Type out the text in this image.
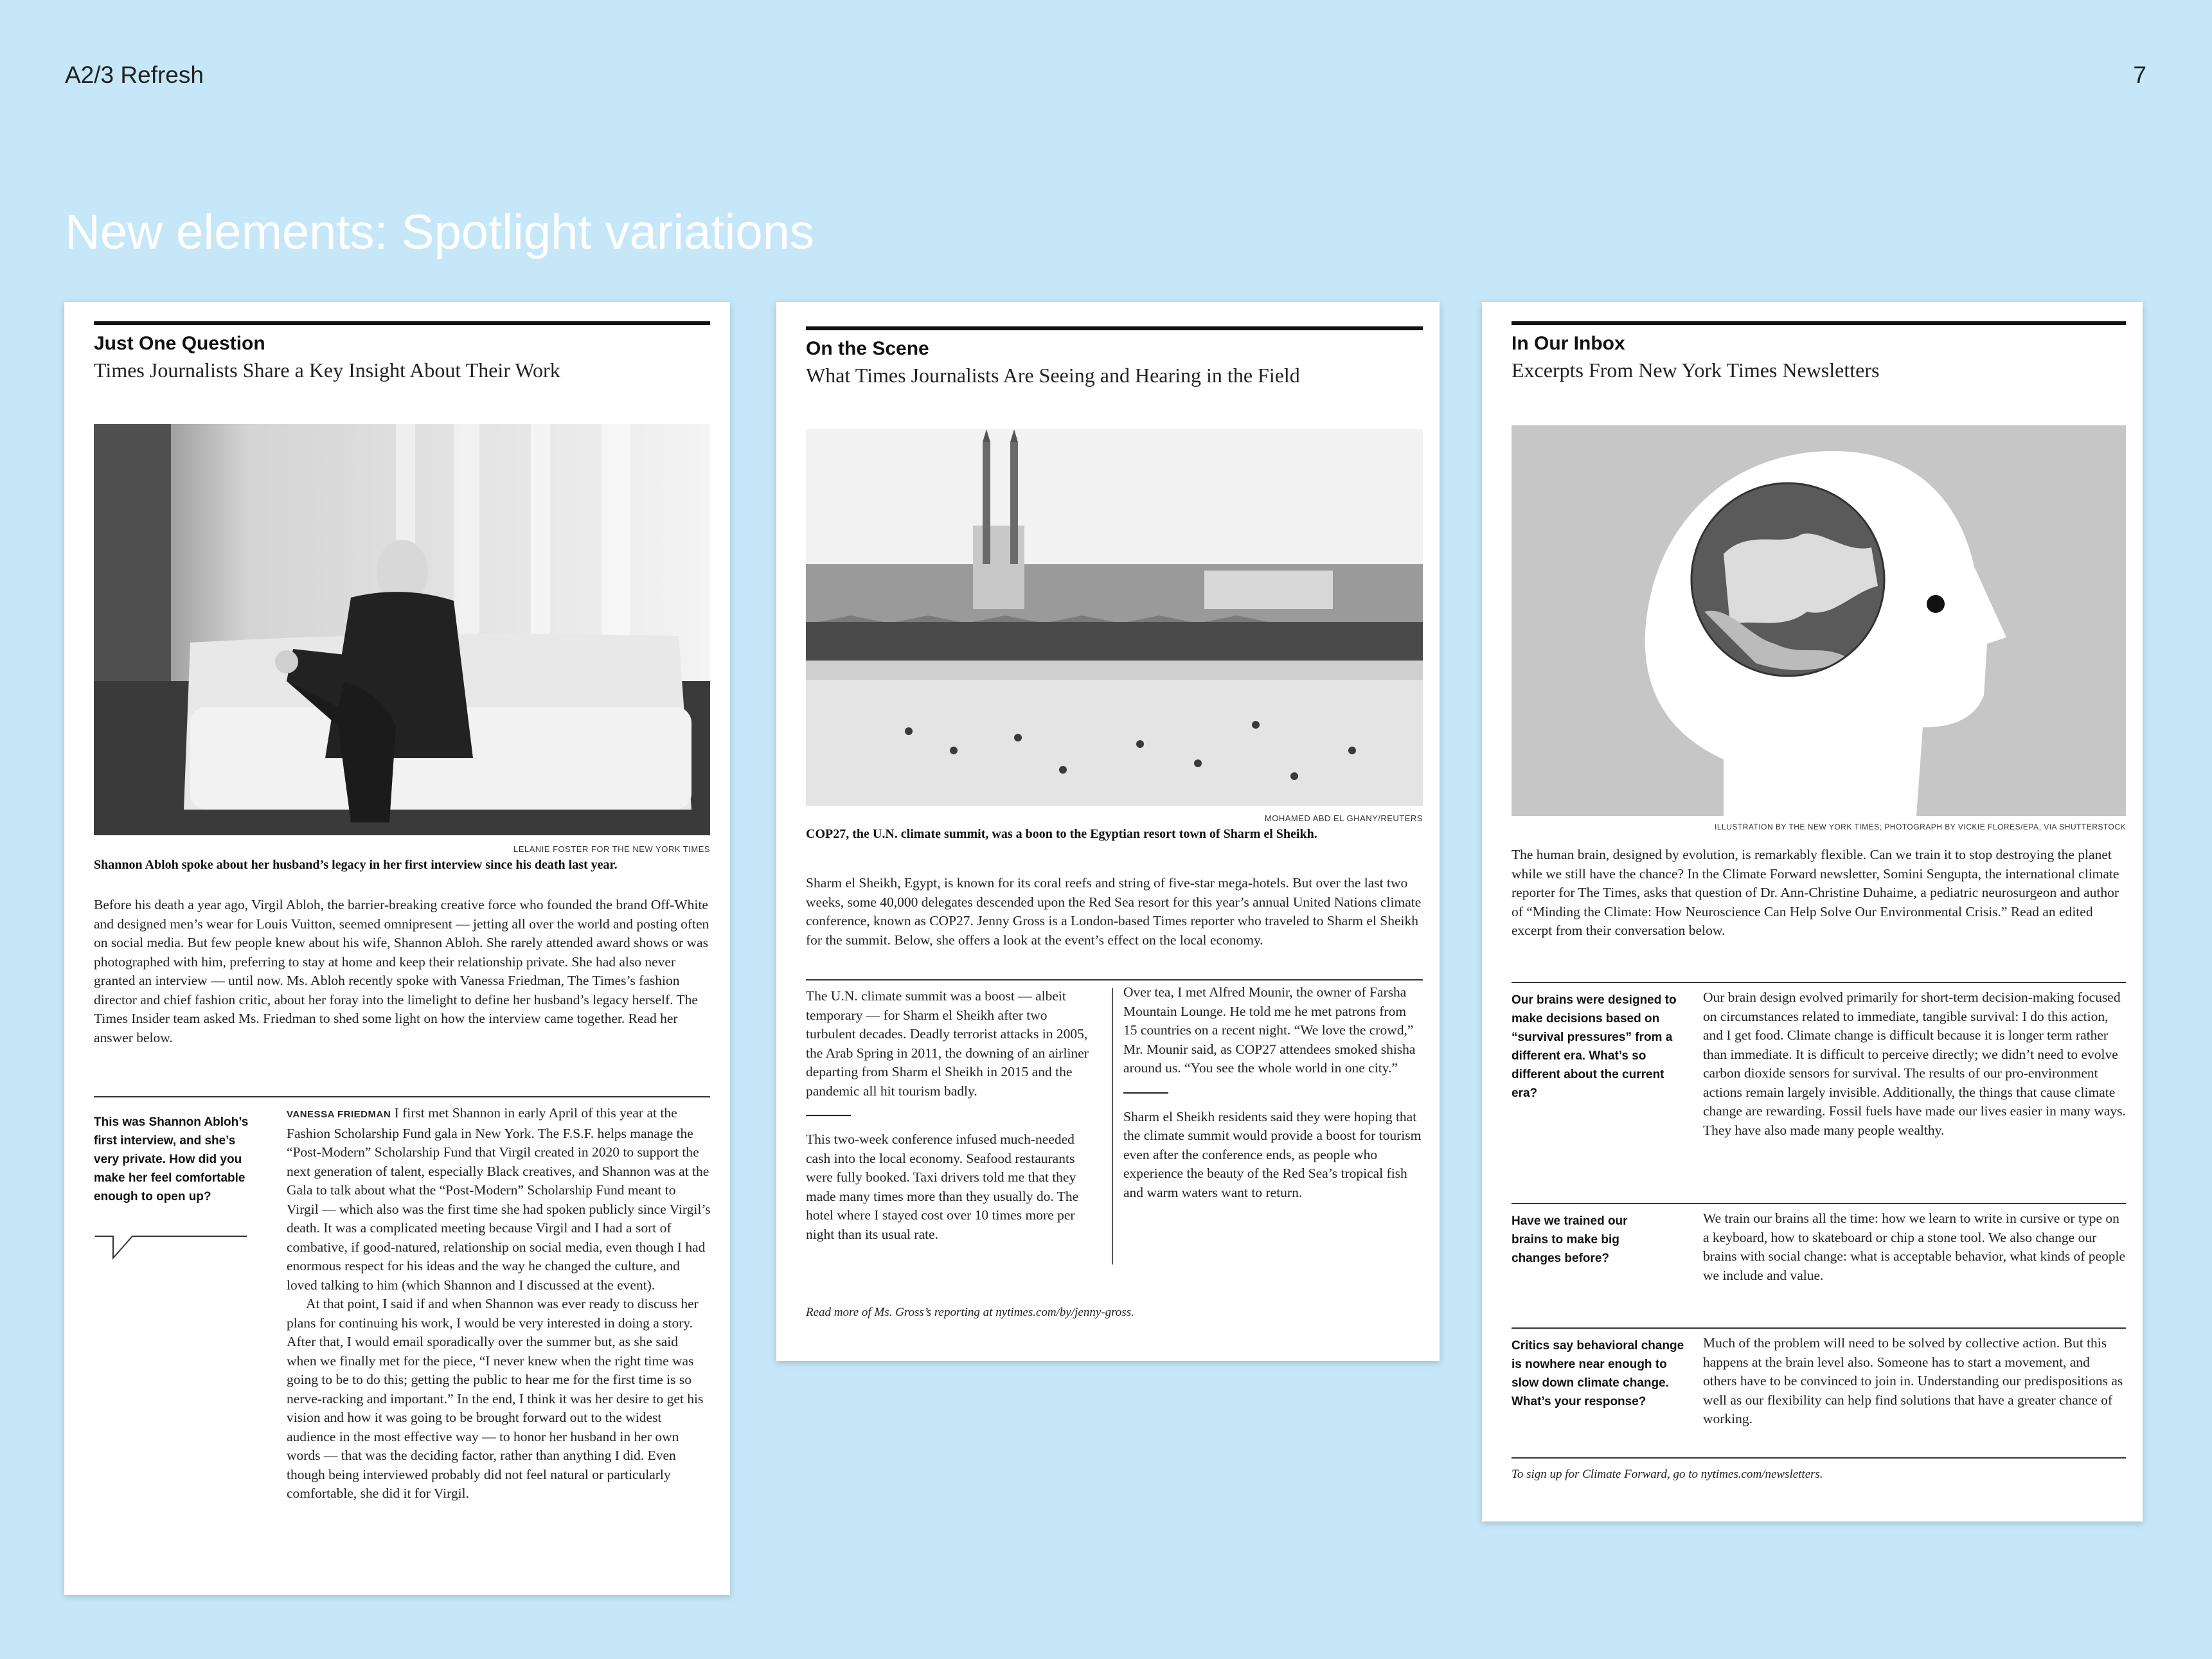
A2/3 Refresh	7
New elements: Spotlight variations
Just One Question
Times Journalists Share a Key Insight About Their Work
LELANIE FOSTER FOR THE NEW YORK TIMES
Shannon Abloh spoke about her husband’s legacy in her first interview since his death last year.
Before his death a year ago, Virgil Abloh, the barrier-breaking creative force who founded the brand Off-White and designed men’s wear for Louis Vuitton, seemed omnipresent — jetting all over the world and posting often on social media. But few people knew about his wife, Shannon Abloh. She rarely attended award shows or was photographed with him, preferring to stay at home and keep their relationship private. She had also never granted an interview — until now. Ms. Abloh recently spoke with Vanessa Friedman, The Times’s fashion director and chief fashion critic, about her foray into the limelight to define her husband’s legacy herself. The Times Insider team asked Ms. Friedman to shed some light on how the interview came together. Read her answer below.
This was Shannon Abloh’s first interview, and she’s very private. How did you make her feel comfortable enough to open up?
VANESSA FRIEDMAN I first met Shannon in early April of this year at the Fashion Scholarship Fund gala in New York. The F.S.F. helps manage the “Post-Modern” Scholarship Fund that Virgil created in 2020 to support the next generation of talent, especially Black creatives, and Shannon was at the Gala to talk about what the “Post-Modern” Scholarship Fund meant to Virgil — which also was the first time she had spoken publicly since Virgil’s death. It was a complicated meeting because Virgil and I had a sort of combative, if good-natured, relationship on social media, even though I had enormous respect for his ideas and the way he changed the culture, and loved talking to him (which Shannon and I discussed at the event).
At that point, I said if and when Shannon was ever ready to discuss her plans for continuing his work, I would be very interested in doing a story. After that, I would email sporadically over the summer but, as she said when we finally met for the piece, “I never knew when the right time was going to be to do this; getting the public to hear me for the first time is so nerve-racking and important.” In the end, I think it was her desire to get his vision and how it was going to be brought forward out to the widest audience in the most effective way — to honor her husband in her own words — that was the deciding factor, rather than anything I did. Even though being interviewed probably did not feel natural or particularly comfortable, she did it for Virgil.
On the Scene
What Times Journalists Are Seeing and Hearing in the Field
MOHAMED ABD EL GHANY/REUTERS
COP27, the U.N. climate summit, was a boon to the Egyptian resort town of Sharm el Sheikh.
Sharm el Sheikh, Egypt, is known for its coral reefs and string of five-star mega-hotels. But over the last two weeks, some 40,000 delegates descended upon the Red Sea resort for this year’s annual United Nations climate conference, known as COP27. Jenny Gross is a London-based Times reporter who traveled to Sharm el Sheikh for the summit. Below, she offers a look at the event’s effect on the local economy.
The U.N. climate summit was a boost — albeit temporary — for Sharm el Sheikh after two turbulent decades. Deadly terrorist attacks in 2005, the Arab Spring in 2011, the downing of an airliner departing from Sharm el Sheikh in 2015 and the pandemic all hit tourism badly.
This two-week conference infused much-needed cash into the local economy. Seafood restaurants were fully booked. Taxi drivers told me that they made many times more than they usually do. The hotel where I stayed cost over 10 times more per night than its usual rate.
Over tea, I met Alfred Mounir, the owner of Farsha Mountain Lounge. He told me he met patrons from 15 countries on a recent night. “We love the crowd,” Mr. Mounir said, as COP27 attendees smoked shisha around us. “You see the whole world in one city.”
Sharm el Sheikh residents said they were hoping that the climate summit would provide a boost for tourism even after the conference ends, as people who experience the beauty of the Red Sea’s tropical fish and warm waters want to return.
Read more of Ms. Gross’s reporting at nytimes.com/by/jenny-gross.
In Our Inbox
Excerpts From New York Times Newsletters
ILLUSTRATION BY THE NEW YORK TIMES; PHOTOGRAPH BY VICKIE FLORES/EPA, VIA SHUTTERSTOCK
The human brain, designed by evolution, is remarkably flexible. Can we train it to stop destroying the planet while we still have the chance? In the Climate Forward newsletter, Somini Sengupta, the international climate reporter for The Times, asks that question of Dr. Ann-Christine Duhaime, a pediatric neurosurgeon and author of “Minding the Climate: How Neuroscience Can Help Solve Our Environmental Crisis.” Read an edited excerpt from their conversation below.
Our brains were designed to make decisions based on “survival pressures” from a different era. What’s so different about the current era?
Our brain design evolved primarily for short-term decision-making focused on circumstances related to immediate, tangible survival: I do this action, and I get food. Climate change is difficult because it is longer term rather than immediate. It is difficult to perceive directly; we didn’t need to evolve carbon dioxide sensors for survival. The results of our pro-environment actions remain largely invisible. Additionally, the things that cause climate change are rewarding. Fossil fuels have made our lives easier in many ways. They have also made many people wealthy.
Have we trained our brains to make big changes before?
We train our brains all the time: how we learn to write in cursive or type on a keyboard, how to skateboard or chip a stone tool. We also change our brains with social change: what is acceptable behavior, what kinds of people we include and value.
Critics say behavioral change is nowhere near enough to slow down climate change. What’s your response?
Much of the problem will need to be solved by collective action. But this happens at the brain level also. Someone has to start a movement, and others have to be convinced to join in. Understanding our predispositions as well as our flexibility can help find solutions that have a greater chance of working.
To sign up for Climate Forward, go to nytimes.com/newsletters.
